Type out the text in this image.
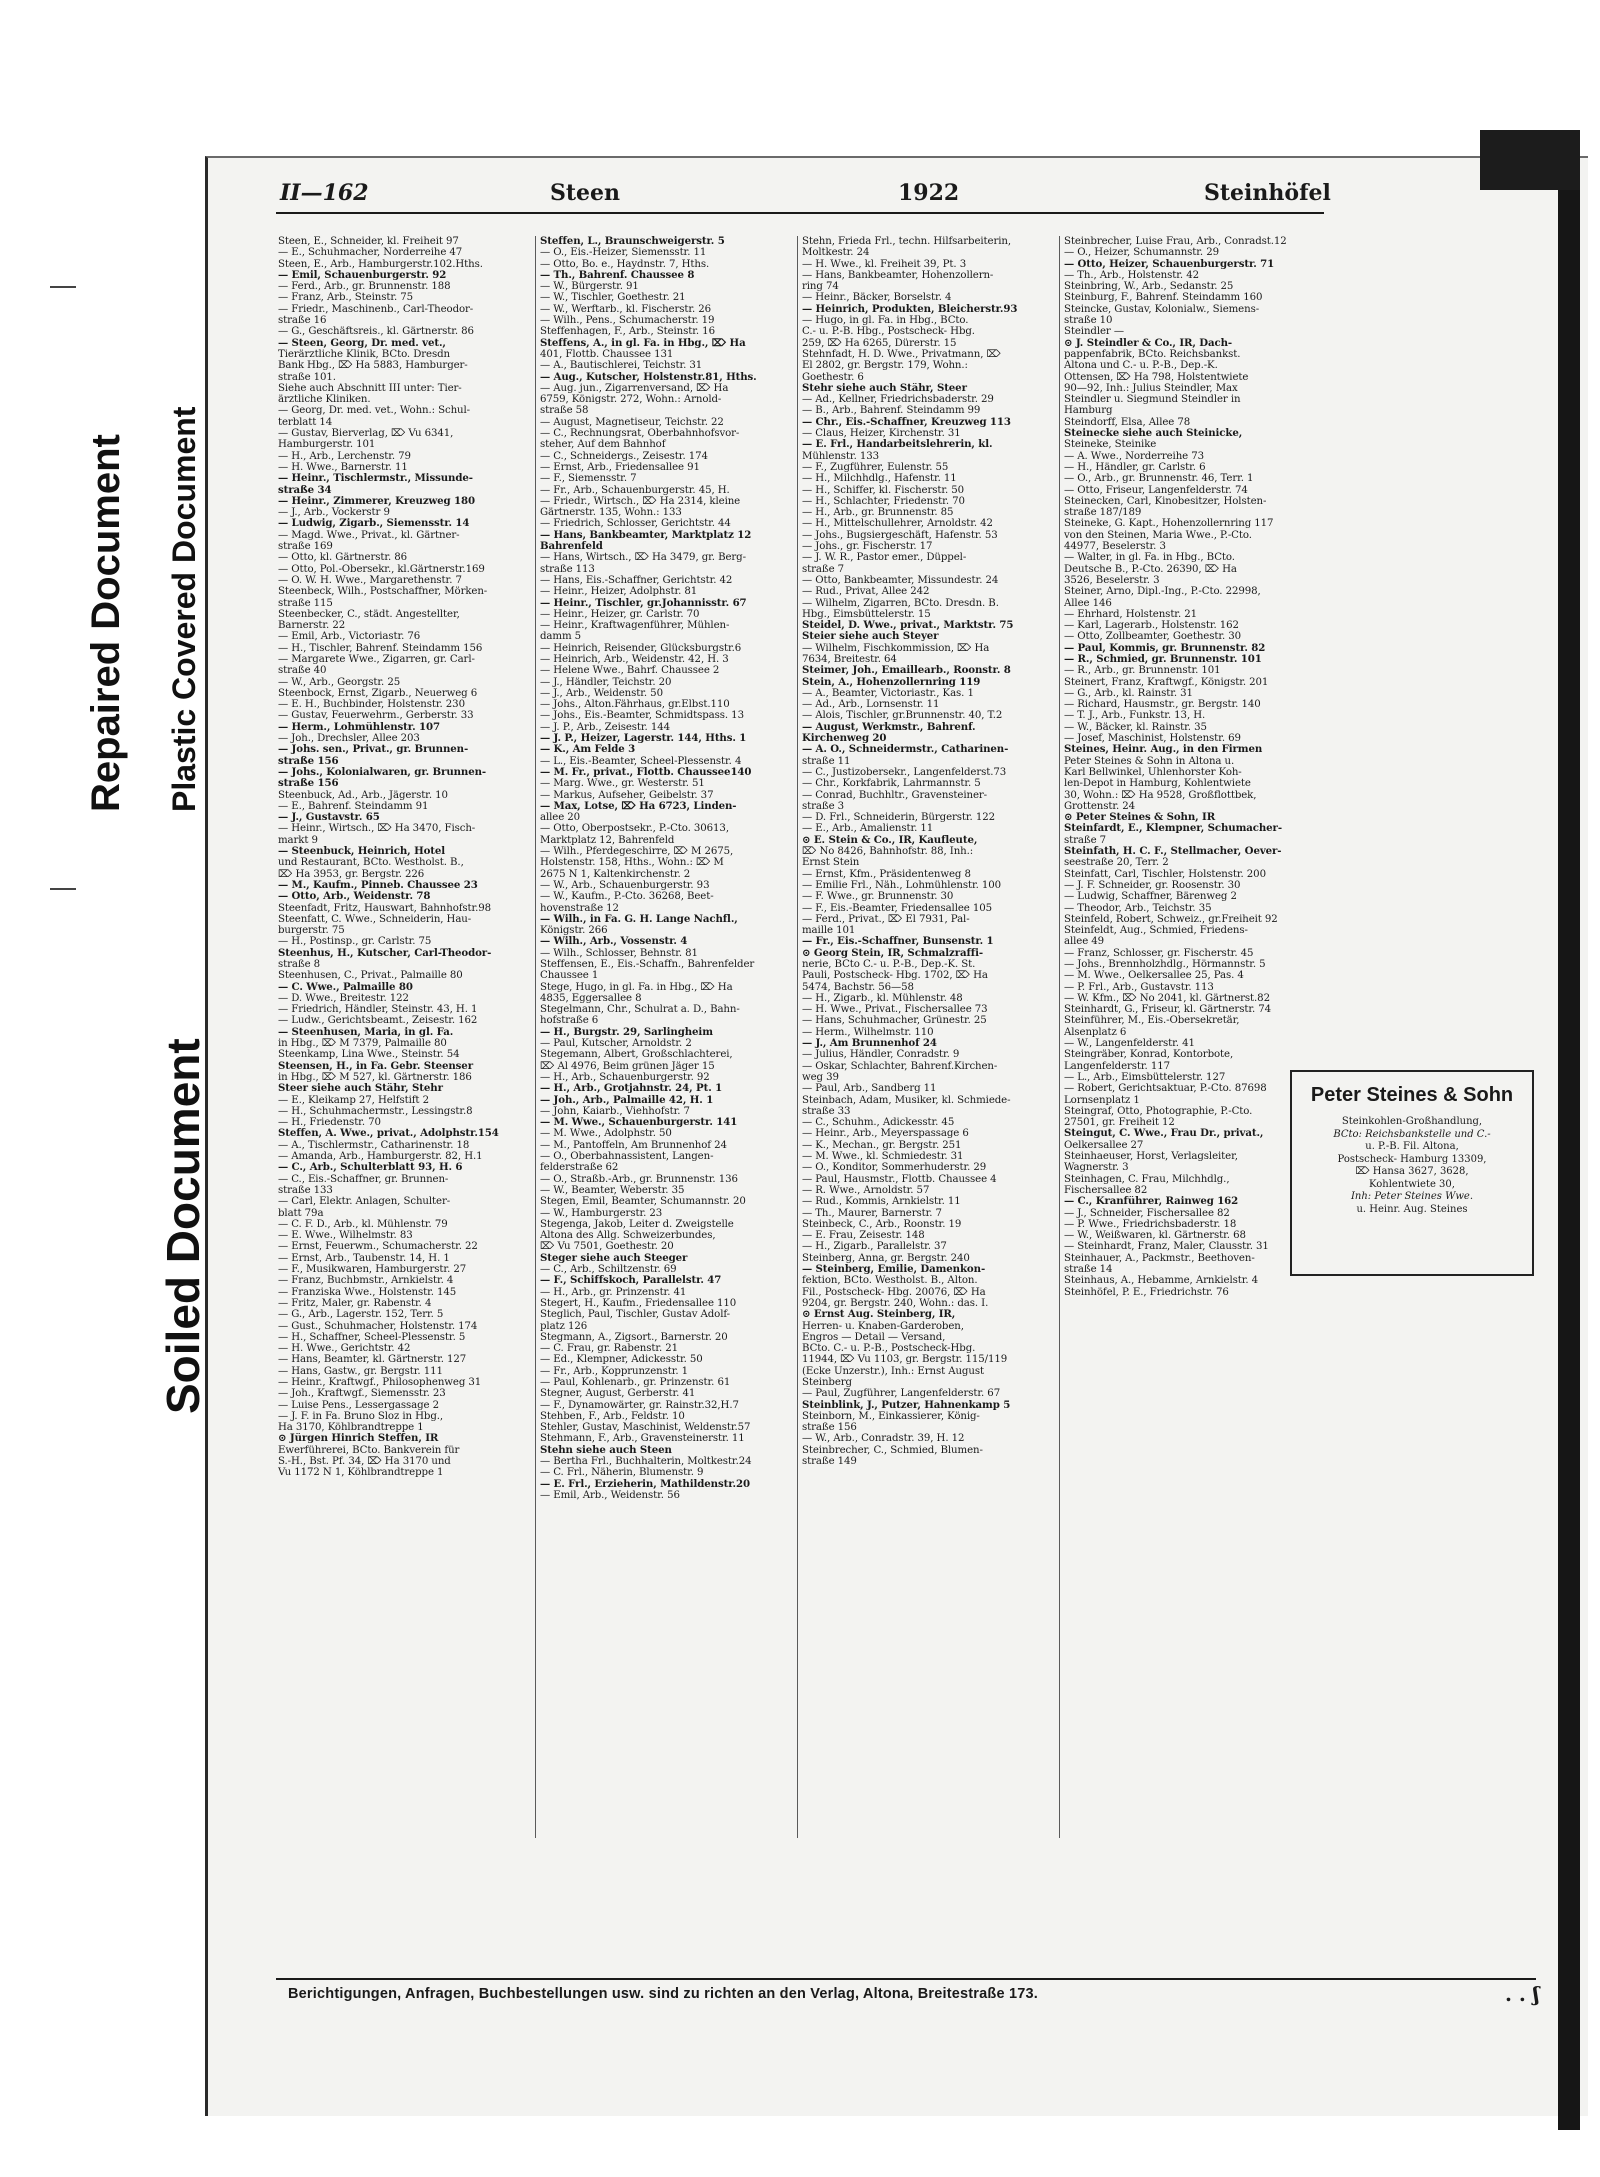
Repaired Document Plastic Covered Document
Soiled Document
II—162	Steen	1922	Steinhöfel
Steen, E., Schneider, kl. Freiheit 97
— E., Schuhmacher, Norderreihe 47
Steen, E., Arb., Hamburgerstr.102.Hths.
— Emil, Schauenburgerstr. 92
— Ferd., Arb., gr. Brunnenstr. 188
— Franz, Arb., Steinstr. 75
— Friedr., Maschinenb., Carl-Theodor-
straße 16
— G., Geschäftsreis., kl. Gärtnerstr. 86
— Steen, Georg, Dr. med. vet.,
Tierärztliche Klinik, BCto. Dresdn
Bank Hbg., ⌦ Ha 5883, Hamburger-
straße 101.
Siehe auch Abschnitt III unter: Tier-
ärztliche Kliniken.
— Georg, Dr. med. vet., Wohn.: Schul-
terblatt 14
— Gustav, Bierverlag, ⌦ Vu 6341,
Hamburgerstr. 101
— H., Arb., Lerchenstr. 79
— H. Wwe., Barnerstr. 11
— Heinr., Tischlermstr., Missunde-
straße 34
— Heinr., Zimmerer, Kreuzweg 180
— J., Arb., Vockerstr 9
— Ludwig, Zigarb., Siemensstr. 14
— Magd. Wwe., Privat., kl. Gärtner-
straße 169
— Otto, kl. Gärtnerstr. 86
— Otto, Pol.-Obersekr., kl.Gärtnerstr.169
— O. W. H. Wwe., Margarethenstr. 7
Steenbeck, Wilh., Postschaffner, Mörken-
straße 115
Steenbecker, C., städt. Angestellter,
Barnerstr. 22
— Emil, Arb., Victoriastr. 76
— H., Tischler, Bahrenf. Steindamm 156
— Margarete Wwe., Zigarren, gr. Carl-
straße 40
— W., Arb., Georgstr. 25
Steenbock, Ernst, Zigarb., Neuerweg 6
— E. H., Buchbinder, Holstenstr. 230
— Gustav, Feuerwehrm., Gerberstr. 33
— Herm., Lohmühlenstr. 107
— Joh., Drechsler, Allee 203
— Johs. sen., Privat., gr. Brunnen-
straße 156
— Johs., Kolonialwaren, gr. Brunnen-
straße 156
Steenbuck, Ad., Arb., Jägerstr. 10
— E., Bahrenf. Steindamm 91
— J., Gustavstr. 65
— Heinr., Wirtsch., ⌦ Ha 3470, Fisch-
markt 9
— Steenbuck, Heinrich, Hotel
und Restaurant, BCto. Westholst. B.,
⌦ Ha 3953, gr. Bergstr. 226
— M., Kaufm., Pinneb. Chaussee 23
— Otto, Arb., Weidenstr. 78
Steenfadt, Fritz, Hauswart, Bahnhofstr.98
Steenfatt, C. Wwe., Schneiderin, Hau-
burgerstr. 75
— H., Postinsp., gr. Carlstr. 75
Steenhus, H., Kutscher, Carl-Theodor-
straße 8
Steenhusen, C., Privat., Palmaille 80
— C. Wwe., Palmaille 80
— D. Wwe., Breitestr. 122
— Friedrich, Händler, Steinstr. 43, H. 1
— Ludw., Gerichtsbeamt., Zeisestr. 162
— Steenhusen, Maria, in gl. Fa.
in Hbg., ⌦ M 7379, Palmaille 80
Steenkamp, Lina Wwe., Steinstr. 54
Steensen, H., in Fa. Gebr. Steenser
in Hbg., ⌦ M 527, kl. Gärtnerstr. 186
Steer siehe auch Stähr, Stehr
— E., Kleikamp 27, Helfstift 2
— H., Schuhmachermstr., Lessingstr.8
— H., Friedenstr. 70
Steffen, A. Wwe., privat., Adolphstr.154
— A., Tischlermstr., Catharinenstr. 18
— Amanda, Arb., Hamburgerstr. 82, H.1
— C., Arb., Schulterblatt 93, H. 6
— C., Eis.-Schaffner, gr. Brunnen-
straße 133
— Carl, Elektr. Anlagen, Schulter-
blatt 79a
— C. F. D., Arb., kl. Mühlenstr. 79
— E. Wwe., Wilhelmstr. 83
— Ernst, Feuerwm., Schumacherstr. 22
— Ernst, Arb., Taubenstr. 14, H. 1
— F., Musikwaren, Hamburgerstr. 27
— Franz, Buchbmstr., Arnkielstr. 4
— Franziska Wwe., Holstenstr. 145
— Fritz, Maler, gr. Rabenstr. 4
— G., Arb., Lagerstr. 152, Terr. 5
— Gust., Schuhmacher, Holstenstr. 174
— H., Schaffner, Scheel-Plessenstr. 5
— H. Wwe., Gerichtstr. 42
— Hans, Beamter, kl. Gärtnerstr. 127
— Hans, Gastw., gr. Bergstr. 111
— Heinr., Kraftwgf., Philosophenweg 31
— Joh., Kraftwgf., Siemensstr. 23
— Luise Pens., Lessergassage 2
— J. F. in Fa. Bruno Sloz in Hbg.,
Ha 3170, Köhlbrandtreppe 1
⊙ Jürgen Hinrich Steffen, IR
Ewerführerei, BCto. Bankverein für
S.-H., Bst. Pf. 34, ⌦ Ha 3170 und
Vu 1172 N 1, Köhlbrandtreppe 1
Steffen, L., Braunschweigerstr. 5
— O., Eis.-Heizer, Siemensstr. 11
— Otto, Bo. e., Haydnstr. 7, Hths.
— Th., Bahrenf. Chaussee 8
— W., Bürgerstr. 91
— W., Tischler, Goethestr. 21
— W., Werftarb., kl. Fischerstr. 26
— Wilh., Pens., Schumacherstr. 19
Steffenhagen, F., Arb., Steinstr. 16
Steffens, A., in gl. Fa. in Hbg., ⌦ Ha
401, Flottb. Chaussee 131
— A., Bautischlerei, Teichstr. 31
— Aug., Kutscher, Holstenstr.81, Hths.
— Aug. jun., Zigarrenversand, ⌦ Ha
6759, Königstr. 272, Wohn.: Arnold-
straße 58
— August, Magnetiseur, Teichstr. 22
— C., Rechnungsrat, Oberbahnhofsvor-
steher, Auf dem Bahnhof
— C., Schneidergs., Zeisestr. 174
— Ernst, Arb., Friedensallee 91
— F., Siemensstr. 7
— Fr., Arb., Schauenburgerstr. 45, H.
— Friedr., Wirtsch., ⌦ Ha 2314, kleine
Gärtnerstr. 135, Wohn.: 133
— Friedrich, Schlosser, Gerichtstr. 44
— Hans, Bankbeamter, Marktplatz 12
Bahrenfeld
— Hans, Wirtsch., ⌦ Ha 3479, gr. Berg-
straße 113
— Hans, Eis.-Schaffner, Gerichtstr. 42
— Heinr., Heizer, Adolphstr. 81
— Heinr., Tischler, gr.Johannisstr. 67
— Heinr., Heizer, gr. Carlstr. 70
— Heinr., Kraftwagenführer, Mühlen-
damm 5
— Heinrich, Reisender, Glücksburgstr.6
— Heinrich, Arb., Weidenstr. 42, H. 3
— Helene Wwe., Bahrf. Chaussee 2
— J., Händler, Teichstr. 20
— J., Arb., Weidenstr. 50
— Johs., Alton.Fährhaus, gr.Elbst.110
— Johs., Eis.-Beamter, Schmidtspass. 13
— J. P., Arb., Zeisestr. 144
— J. P., Heizer, Lagerstr. 144, Hths. 1
— K., Am Felde 3
— L., Eis.-Beamter, Scheel-Plessenstr. 4
— M. Fr., privat., Flottb. Chaussee140
— Marg. Wwe., gr. Westerstr. 51
— Markus, Aufseher, Geibelstr. 37
— Max, Lotse, ⌦ Ha 6723, Linden-
allee 20
— Otto, Oberpostsekr., P.-Cto. 30613,
Marktplatz 12, Bahrenfeld
— Wilh., Pferdegeschirre, ⌦ M 2675,
Holstenstr. 158, Hths., Wohn.: ⌦ M
2675 N 1, Kaltenkirchenstr. 2
— W., Arb., Schauenburgerstr. 93
— W., Kaufm., P.-Cto. 36268, Beet-
hovenstraße 12
— Wilh., in Fa. G. H. Lange Nachfl.,
Königstr. 266
— Wilh., Arb., Vossenstr. 4
— Wilh., Schlosser, Behnstr. 81
Steffensen, E., Eis.-Schaffn., Bahrenfelder
Chaussee 1
Stege, Hugo, in gl. Fa. in Hbg., ⌦ Ha
4835, Eggersallee 8
Stegelmann, Chr., Schulrat a. D., Bahn-
hofstraße 6
— H., Burgstr. 29, Sarlingheim
— Paul, Kutscher, Arnoldstr. 2
Stegemann, Albert, Großschlachterei,
⌦ Al 4976, Beim grünen Jäger 15
— H., Arb., Schauenburgerstr. 92
— H., Arb., Grotjahnstr. 24, Pt. 1
— Joh., Arb., Palmaille 42, H. 1
— John, Kaiarb., Viehhofstr. 7
— M. Wwe., Schauenburgerstr. 141
— M. Wwe., Adolphstr. 50
— M., Pantoffeln, Am Brunnenhof 24
— O., Oberbahnassistent, Langen-
felderstraße 62
— O., Straßb.-Arb., gr. Brunnenstr. 136
— W., Beamter, Weberstr. 35
Stegen, Emil, Beamter, Schumannstr. 20
— W., Hamburgerstr. 23
Stegenga, Jakob, Leiter d. Zweigstelle
Altona des Allg. Schweizerbundes,
⌦ Vu 7501, Goethestr. 20
Steger siehe auch Steeger
— C., Arb., Schiltzenstr. 69
— F., Schiffskoch, Parallelstr. 47
— H., Arb., gr. Prinzenstr. 41
Stegert, H., Kaufm., Friedensallee 110
Steglich, Paul, Tischler, Gustav Adolf-
platz 126
Stegmann, A., Zigsort., Barnerstr. 20
— C. Frau, gr. Rabenstr. 21
— Ed., Klempner, Adickesstr. 50
— Fr., Arb., Kopprunzenstr. 1
— Paul, Kohlenarb., gr. Prinzenstr. 61
Stegner, August, Gerberstr. 41
— F., Dynamowärter, gr. Rainstr.32,H.7
Stehben, F., Arb., Feldstr. 10
Stehler, Gustav, Maschinist, Weldenstr.57
Stehmann, F., Arb., Gravensteinerstr. 11
Stehn siehe auch Steen
— Bertha Frl., Buchhalterin, Moltkestr.24
— C. Frl., Näherin, Blumenstr. 9
— E. Frl., Erzieherin, Mathildenstr.20
— Emil, Arb., Weidenstr. 56
Stehn, Frieda Frl., techn. Hilfsarbeiterin,
Moltkestr. 24
— H. Wwe., kl. Freiheit 39, Pt. 3
— Hans, Bankbeamter, Hohenzollern-
ring 74
— Heinr., Bäcker, Borselstr. 4
— Heinrich, Produkten, Bleicherstr.93
— Hugo, in gl. Fa. in Hbg., BCto.
C.- u. P.-B. Hbg., Postscheck- Hbg.
259, ⌦ Ha 6265, Dürerstr. 15
Stehnfadt, H. D. Wwe., Privatmann, ⌦
El 2802, gr. Bergstr. 179, Wohn.:
Goethestr. 6
Stehr siehe auch Stähr, Steer
— Ad., Kellner, Friedrichsbaderstr. 29
— B., Arb., Bahrenf. Steindamm 99
— Chr., Eis.-Schaffner, Kreuzweg 113
— Claus, Heizer, Kirchenstr. 31
— E. Frl., Handarbeitslehrerin, kl.
Mühlenstr. 133
— F., Zugführer, Eulenstr. 55
— H., Milchhdlg., Hafenstr. 11
— H., Schiffer, kl. Fischerstr. 50
— H., Schlachter, Friedenstr. 70
— H., Arb., gr. Brunnenstr. 85
— H., Mittelschullehrer, Arnoldstr. 42
— Johs., Bugsiergeschäft, Hafenstr. 53
— Johs., gr. Fischerstr. 17
— J. W. R., Pastor emer., Düppel-
straße 7
— Otto, Bankbeamter, Missundestr. 24
— Rud., Privat, Allee 242
— Wilhelm, Zigarren, BCto. Dresdn. B.
Hbg., Eimsbüttelerstr. 15
Steidel, D. Wwe., privat., Marktstr. 75
Steier siehe auch Steyer
— Wilhelm, Fischkommission, ⌦ Ha
7634, Breitestr. 64
Steimer, Joh., Emaillearb., Roonstr. 8
Stein, A., Hohenzollernring 119
— A., Beamter, Victoriastr., Kas. 1
— Ad., Arb., Lornsenstr. 11
— Alois, Tischler, gr.Brunnenstr. 40, T.2
— August, Werkmstr., Bahrenf.
Kirchenweg 20
— A. O., Schneidermstr., Catharinen-
straße 11
— C., Justizobersekr., Langenfelderst.73
— Chr., Korkfabrik, Lahrmannstr. 5
— Conrad, Buchhltr., Gravensteiner-
straße 3
— D. Frl., Schneiderin, Bürgerstr. 122
— E., Arb., Amalienstr. 11
⊙ E. Stein & Co., IR, Kaufleute,
⌦ No 8426, Bahnhofstr. 88, Inh.:
Ernst Stein
— Ernst, Kfm., Präsidentenweg 8
— Emilie Frl., Näh., Lohmühlenstr. 100
— F. Wwe., gr. Brunnenstr. 30
— F., Eis.-Beamter, Friedensallee 105
— Ferd., Privat., ⌦ El 7931, Pal-
maille 101
— Fr., Eis.-Schaffner, Bunsenstr. 1
⊙ Georg Stein, IR, Schmalzraffi-
nerie, BCto C.- u. P.-B., Dep.-K. St.
Pauli, Postscheck- Hbg. 1702, ⌦ Ha
5474, Bachstr. 56—58
— H., Zigarb., kl. Mühlenstr. 48
— H. Wwe., Privat., Fischersallee 73
— Hans, Schuhmacher, Grünestr. 25
— Herm., Wilhelmstr. 110
— J., Am Brunnenhof 24
— Julius, Händler, Conradstr. 9
— Oskar, Schlachter, Bahrenf.Kirchen-
weg 39
— Paul, Arb., Sandberg 11
Steinbach, Adam, Musiker, kl. Schmiede-
straße 33
— C., Schuhm., Adickesstr. 45
— Heinr., Arb., Meyerspassage 6
— K., Mechan., gr. Bergstr. 251
— M. Wwe., kl. Schmiedestr. 31
— O., Konditor, Sommerhuderstr. 29
— Paul, Hausmstr., Flottb. Chaussee 4
— R. Wwe., Arnoldstr. 57
— Rud., Kommis, Arnkielstr. 11
— Th., Maurer, Barnerstr. 7
Steinbeck, C., Arb., Roonstr. 19
— E. Frau, Zeisestr. 148
— H., Zigarb., Parallelstr. 37
Steinberg, Anna, gr. Bergstr. 240
— Steinberg, Emilie, Damenkon-
fektion, BCto. Westholst. B., Alton.
Fil., Postscheck- Hbg. 20076, ⌦ Ha
9204, gr. Bergstr. 240, Wohn.: das. I.
⊙ Ernst Aug. Steinberg, IR,
Herren- u. Knaben-Garderoben,
Engros — Detail — Versand,
BCto. C.- u. P.-B., Postscheck-Hbg.
11944, ⌦ Vu 1103, gr. Bergstr. 115/119
(Ecke Unzerstr.), Inh.: Ernst August
Steinberg
— Paul, Zugführer, Langenfelderstr. 67
Steinblink, J., Putzer, Hahnenkamp 5
Steinborn, M., Einkassierer, König-
straße 156
— W., Arb., Conradstr. 39, H. 12
Steinbrecher, C., Schmied, Blumen-
straße 149
Steinbrecher, Luise Frau, Arb., Conradst.12
— O., Heizer, Schumannstr. 29
— Otto, Heizer, Schauenburgerstr. 71
— Th., Arb., Holstenstr. 42
Steinbring, W., Arb., Sedanstr. 25
Steinburg, F., Bahrenf. Steindamm 160
Steincke, Gustav, Kolonialw., Siemens-
straße 10
Steindler —
⊙ J. Steindler & Co., IR, Dach-
pappenfabrik, BCto. Reichsbankst.
Altona und C.- u. P.-B., Dep.-K.
Ottensen, ⌦ Ha 798, Holstentwiete
90—92, Inh.: Julius Steindler, Max
Steindler u. Siegmund Steindler in
Hamburg
Steindorff, Elsa, Allee 78
Steinecke siehe auch Steinicke,
Steineke, Steinike
— A. Wwe., Norderreihe 73
— H., Händler, gr. Carlstr. 6
— O., Arb., gr. Brunnenstr. 46, Terr. 1
— Otto, Friseur, Langenfelderstr. 74
Steinecken, Carl, Kinobesitzer, Holsten-
straße 187/189
Steineke, G. Kapt., Hohenzollernring 117
von den Steinen, Maria Wwe., P.-Cto.
44977, Beselerstr. 3
— Walter, in gl. Fa. in Hbg., BCto.
Deutsche B., P.-Cto. 26390, ⌦ Ha
3526, Beselerstr. 3
Steiner, Arno, Dipl.-Ing., P.-Cto. 22998,
Allee 146
— Ehrhard, Holstenstr. 21
— Karl, Lagerarb., Holstenstr. 162
— Otto, Zollbeamter, Goethestr. 30
— Paul, Kommis, gr. Brunnenstr. 82
— R., Schmied, gr. Brunnenstr. 101
— R., Arb., gr. Brunnenstr. 101
Steinert, Franz, Kraftwgf., Königstr. 201
— G., Arb., kl. Rainstr. 31
— Richard, Hausmstr., gr. Bergstr. 140
— T. J., Arb., Funkstr. 13, H.
— W., Bäcker, kl. Rainstr. 35
— Josef, Maschinist, Holstenstr. 69
Steines, Heinr. Aug., in den Firmen
Peter Steines & Sohn in Altona u.
Karl Bellwinkel, Uhlenhorster Koh-
len-Depot in Hamburg, Kohlentwiete
30, Wohn.: ⌦ Ha 9528, Großflottbek,
Grottenstr. 24
⊙ Peter Steines & Sohn, IR
Steinfardt, E., Klempner, Schumacher-
straße 7
Steinfath, H. C. F., Stellmacher, Oever-
seestraße 20, Terr. 2
Steinfatt, Carl, Tischler, Holstenstr. 200
— J. F. Schneider, gr. Roosenstr. 30
— Ludwig, Schaffner, Bärenweg 2
— Theodor, Arb., Teichstr. 35
Steinfeld, Robert, Schweiz., gr.Freiheit 92
Steinfeldt, Aug., Schmied, Friedens-
allee 49
— Franz, Schlosser, gr. Fischerstr. 45
— Johs., Brennholzhdlg., Hörmannstr. 5
— M. Wwe., Oelkersallee 25, Pas. 4
— P. Frl., Arb., Gustavstr. 113
— W. Kfm., ⌦ No 2041, kl. Gärtnerst.82
Steinhardt, G., Friseur, kl. Gärtnerstr. 74
Steinführer, M., Eis.-Obersekretär,
Alsenplatz 6
— W., Langenfelderstr. 41
Steingräber, Konrad, Kontorbote,
Langenfelderstr. 117
— L., Arb., Eimsbüttelerstr. 127
— Robert, Gerichtsaktuar, P.-Cto. 87698
Lornsenplatz 1
Steingraf, Otto, Photographie, P.-Cto.
27501, gr. Freiheit 12
Steingut, C. Wwe., Frau Dr., privat.,
Oelkersallee 27
Steinhaeuser, Horst, Verlagsleiter,
Wagnerstr. 3
Steinhagen, C. Frau, Milchhdlg.,
Fischersallee 82
— C., Kranführer, Rainweg 162
— J., Schneider, Fischersallee 82
— P. Wwe., Friedrichsbaderstr. 18
— W., Weißwaren, kl. Gärtnerstr. 68
— Steinhardt, Franz, Maler, Clausstr. 31
Steinhauer, A., Packmstr., Beethoven-
straße 14
Steinhaus, A., Hebamme, Arnkielstr. 4
Steinhöfel, P. E., Friedrichstr. 76
Peter Steines & Sohn
Steinkohlen-Großhandlung,
BCto: Reichsbankstelle und C.-
u. P.-B. Fil. Altona,
Postscheck- Hamburg 13309,
⌦ Hansa 3627, 3628,
Kohlentwiete 30,
Inh: Peter Steines Wwe.
u. Heinr. Aug. Steines
Berichtigungen, Anfragen, Buchbestellungen usw. sind zu richten an den Verlag, Altona, Breitestraße 173.	. . ʃ
